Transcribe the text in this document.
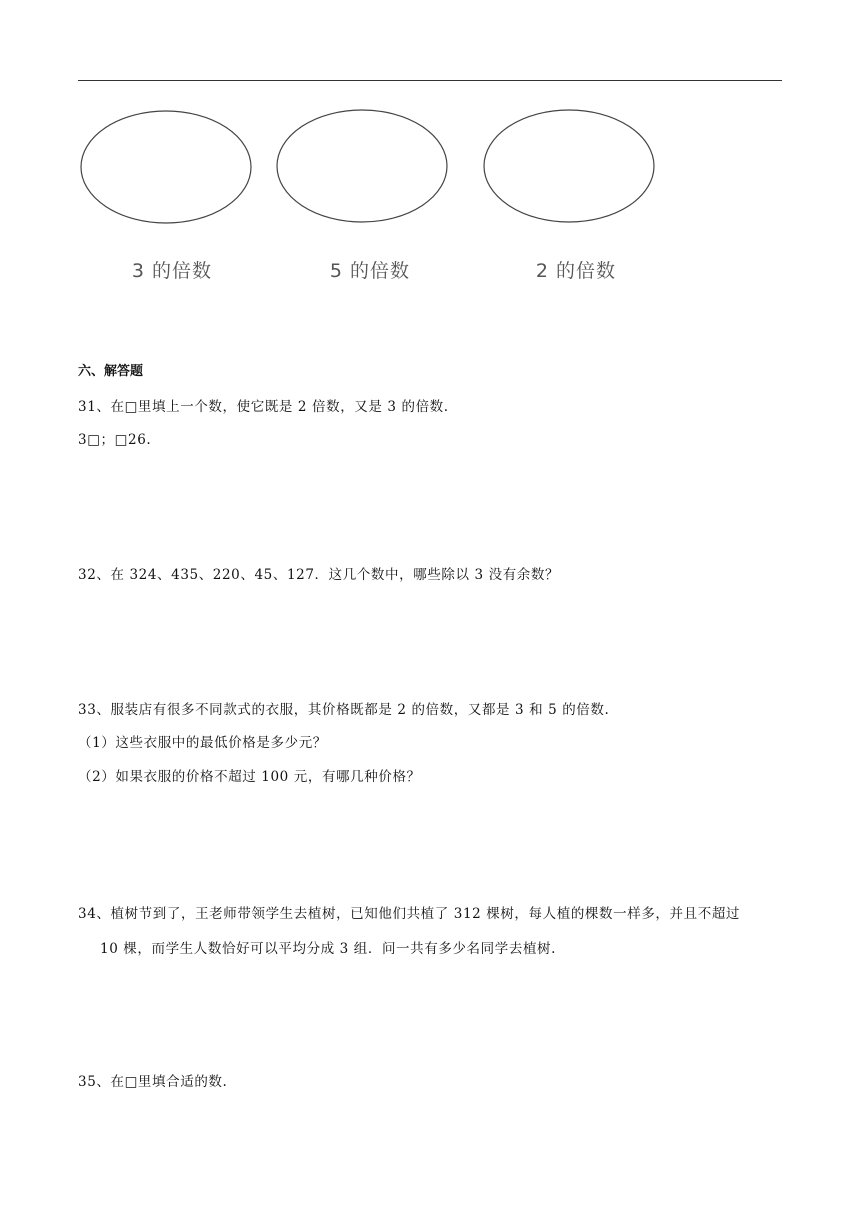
3 的倍数	5 的倍数	2 的倍数
六、解答题
31、在□里填上一个数，使它既是 2 倍数，又是 3 的倍数.
3□；□26.
32、在 324、435、220、45、127．这几个数中，哪些除以 3 没有余数？
33、服装店有很多不同款式的衣服，其价格既都是 2 的倍数，又都是 3 和 5 的倍数.
（1）这些衣服中的最低价格是多少元？
（2）如果衣服的价格不超过 100 元，有哪几种价格？
34、植树节到了，王老师带领学生去植树，已知他们共植了 312 棵树，每人植的棵数一样多，并且不超过
10 棵，而学生人数恰好可以平均分成 3 组．问一共有多少名同学去植树.
35、在□里填合适的数.
